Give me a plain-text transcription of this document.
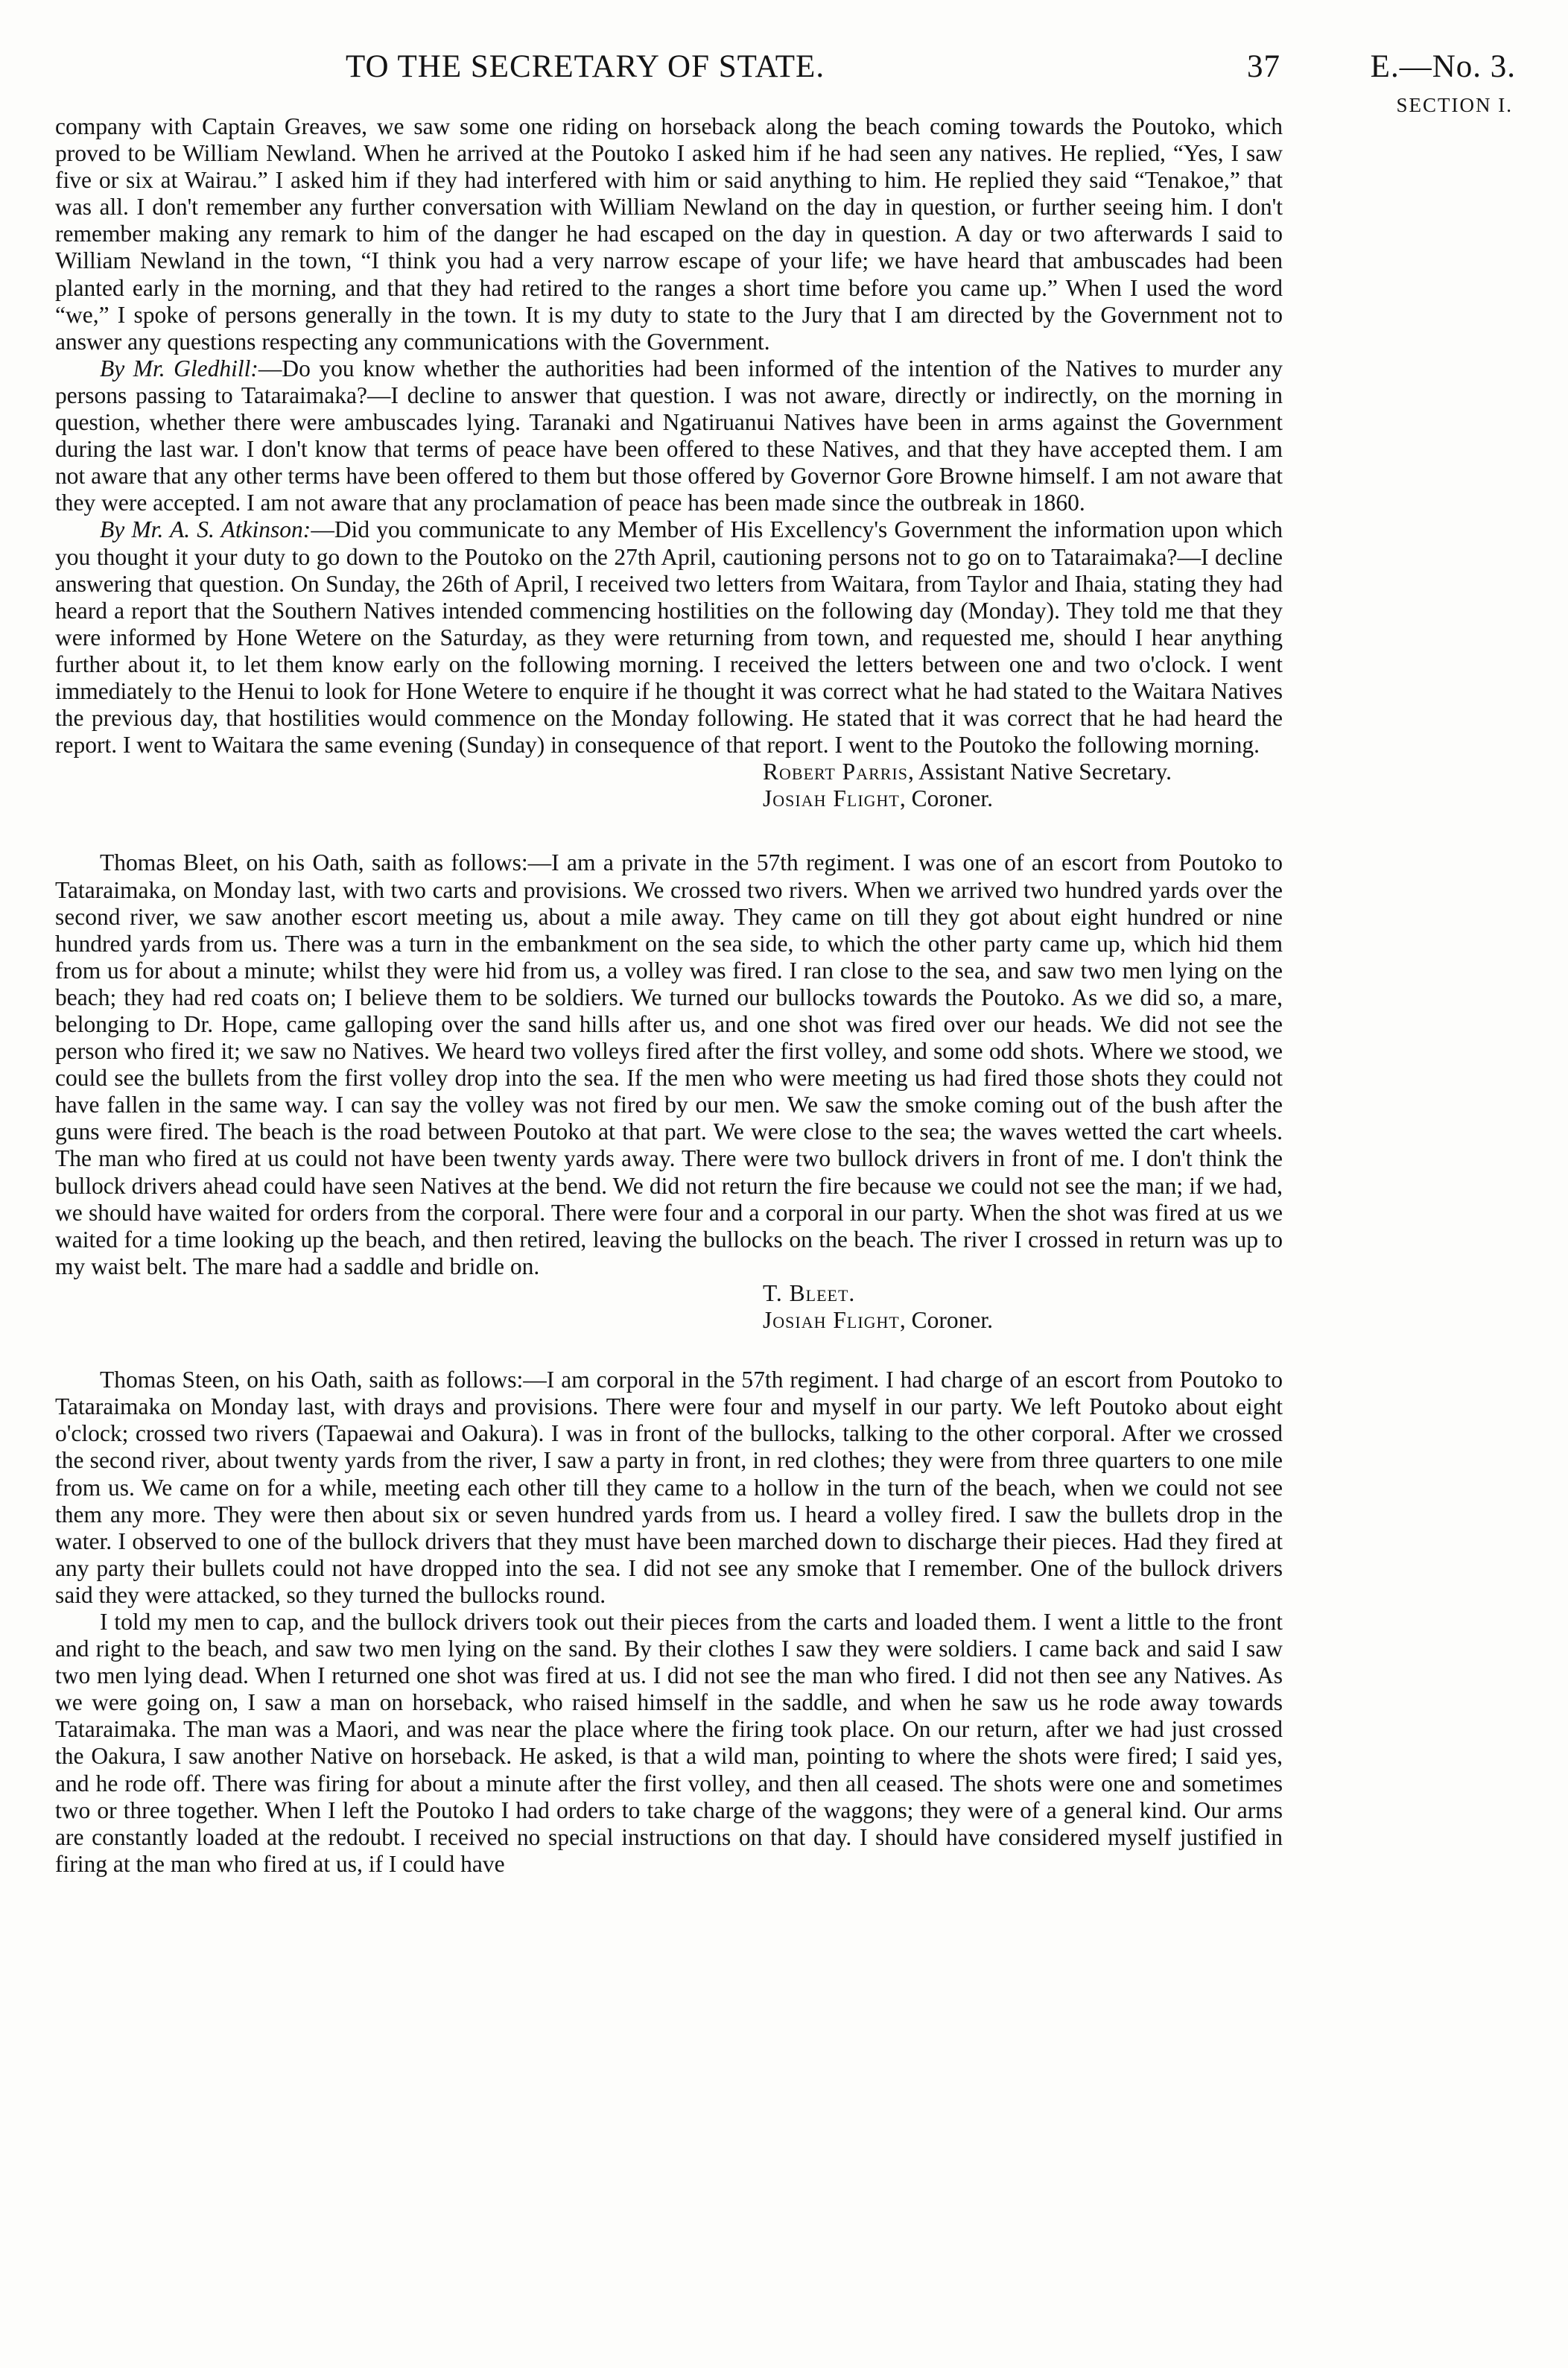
TO THE SECRETARY OF STATE.	37	E.—No. 3.
SECTION I.

company with Captain Greaves, we saw some one riding on horseback along the beach coming towards the Poutoko, which proved to be William Newland. When he arrived at the Poutoko I asked him if he had seen any natives. He replied, “Yes, I saw five or six at Wairau.” I asked him if they had interfered with him or said anything to him. He replied they said “Tenakoe,” that was all. I don't remember any further conversation with William Newland on the day in question, or further seeing him. I don't remember making any remark to him of the danger he had escaped on the day in question. A day or two afterwards I said to William Newland in the town, “I think you had a very narrow escape of your life; we have heard that ambuscades had been planted early in the morning, and that they had retired to the ranges a short time before you came up.” When I used the word “we,” I spoke of persons generally in the town. It is my duty to state to the Jury that I am directed by the Government not to answer any questions respecting any communications with the Government.

By Mr. Gledhill:—Do you know whether the authorities had been informed of the intention of the Natives to murder any persons passing to Tataraimaka?—I decline to answer that question. I was not aware, directly or indirectly, on the morning in question, whether there were ambuscades lying. Taranaki and Ngatiruanui Natives have been in arms against the Government during the last war. I don't know that terms of peace have been offered to these Natives, and that they have accepted them. I am not aware that any other terms have been offered to them but those offered by Governor Gore Browne himself. I am not aware that they were accepted. I am not aware that any proclamation of peace has been made since the outbreak in 1860.

By Mr. A. S. Atkinson:—Did you communicate to any Member of His Excellency's Government the information upon which you thought it your duty to go down to the Poutoko on the 27th April, cautioning persons not to go on to Tataraimaka?—I decline answering that question. On Sunday, the 26th of April, I received two letters from Waitara, from Taylor and Ihaia, stating they had heard a report that the Southern Natives intended commencing hostilities on the following day (Monday). They told me that they were informed by Hone Wetere on the Saturday, as they were returning from town, and requested me, should I hear anything further about it, to let them know early on the following morning. I received the letters between one and two o'clock. I went immediately to the Henui to look for Hone Wetere to enquire if he thought it was correct what he had stated to the Waitara Natives the previous day, that hostilities would commence on the Monday following. He stated that it was correct that he had heard the report. I went to Waitara the same evening (Sunday) in consequence of that report. I went to the Poutoko the following morning.

Robert Parris, Assistant Native Secretary.

Josiah Flight, Coroner.

Thomas Bleet, on his Oath, saith as follows:—I am a private in the 57th regiment. I was one of an escort from Poutoko to Tataraimaka, on Monday last, with two carts and provisions. We crossed two rivers. When we arrived two hundred yards over the second river, we saw another escort meeting us, about a mile away. They came on till they got about eight hundred or nine hundred yards from us. There was a turn in the embankment on the sea side, to which the other party came up, which hid them from us for about a minute; whilst they were hid from us, a volley was fired. I ran close to the sea, and saw two men lying on the beach; they had red coats on; I believe them to be soldiers. We turned our bullocks towards the Poutoko. As we did so, a mare, belonging to Dr. Hope, came galloping over the sand hills after us, and one shot was fired over our heads. We did not see the person who fired it; we saw no Natives. We heard two volleys fired after the first volley, and some odd shots. Where we stood, we could see the bullets from the first volley drop into the sea. If the men who were meeting us had fired those shots they could not have fallen in the same way. I can say the volley was not fired by our men. We saw the smoke coming out of the bush after the guns were fired. The beach is the road between Poutoko at that part. We were close to the sea; the waves wetted the cart wheels. The man who fired at us could not have been twenty yards away. There were two bullock drivers in front of me. I don't think the bullock drivers ahead could have seen Natives at the bend. We did not return the fire because we could not see the man; if we had, we should have waited for orders from the corporal. There were four and a corporal in our party. When the shot was fired at us we waited for a time looking up the beach, and then retired, leaving the bullocks on the beach. The river I crossed in return was up to my waist belt. The mare had a saddle and bridle on.

T. Bleet.

Josiah Flight, Coroner.

Thomas Steen, on his Oath, saith as follows:—I am corporal in the 57th regiment. I had charge of an escort from Poutoko to Tataraimaka on Monday last, with drays and provisions. There were four and myself in our party. We left Poutoko about eight o'clock; crossed two rivers (Tapaewai and Oakura). I was in front of the bullocks, talking to the other corporal. After we crossed the second river, about twenty yards from the river, I saw a party in front, in red clothes; they were from three quarters to one mile from us. We came on for a while, meeting each other till they came to a hollow in the turn of the beach, when we could not see them any more. They were then about six or seven hundred yards from us. I heard a volley fired. I saw the bullets drop in the water. I observed to one of the bullock drivers that they must have been marched down to discharge their pieces. Had they fired at any party their bullets could not have dropped into the sea. I did not see any smoke that I remember. One of the bullock drivers said they were attacked, so they turned the bullocks round.

I told my men to cap, and the bullock drivers took out their pieces from the carts and loaded them. I went a little to the front and right to the beach, and saw two men lying on the sand. By their clothes I saw they were soldiers. I came back and said I saw two men lying dead. When I returned one shot was fired at us. I did not see the man who fired. I did not then see any Natives. As we were going on, I saw a man on horseback, who raised himself in the saddle, and when he saw us he rode away towards Tataraimaka. The man was a Maori, and was near the place where the firing took place. On our return, after we had just crossed the Oakura, I saw another Native on horseback. He asked, is that a wild man, pointing to where the shots were fired; I said yes, and he rode off. There was firing for about a minute after the first volley, and then all ceased. The shots were one and sometimes two or three together. When I left the Poutoko I had orders to take charge of the waggons; they were of a general kind. Our arms are constantly loaded at the redoubt. I received no special instructions on that day. I should have considered myself justified in firing at the man who fired at us, if I could have
